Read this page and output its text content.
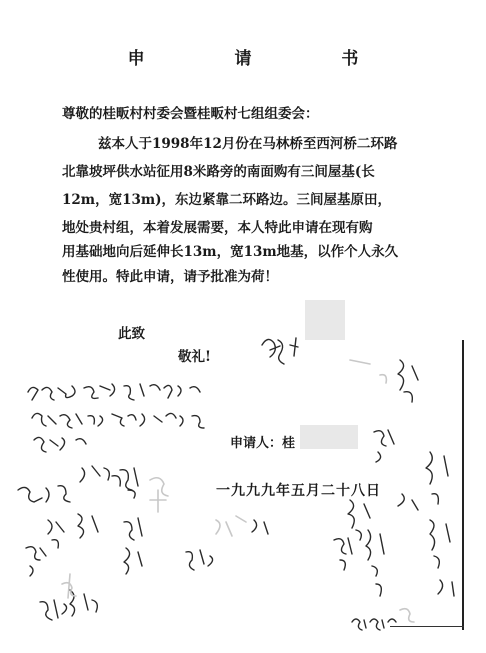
申 请 书
尊敬的桂畈村村委会暨桂畈村七组组委会：
兹本人于1998年12月份在马林桥至西河桥二环路
北靠坡坪供水站征用8米路旁的南面购有三间屋基(长
12m，宽13m)，东边紧靠二环路边。三间屋基原田，
地处贵村组，本着发展需要，本人特此申请在现有购
用基础地向后延伸长13m，宽13m地基，以作个人永久
性使用。特此申请，请予批准为荷！
此致
敬礼!
申请人：桂
一九九九年五月二十八日
